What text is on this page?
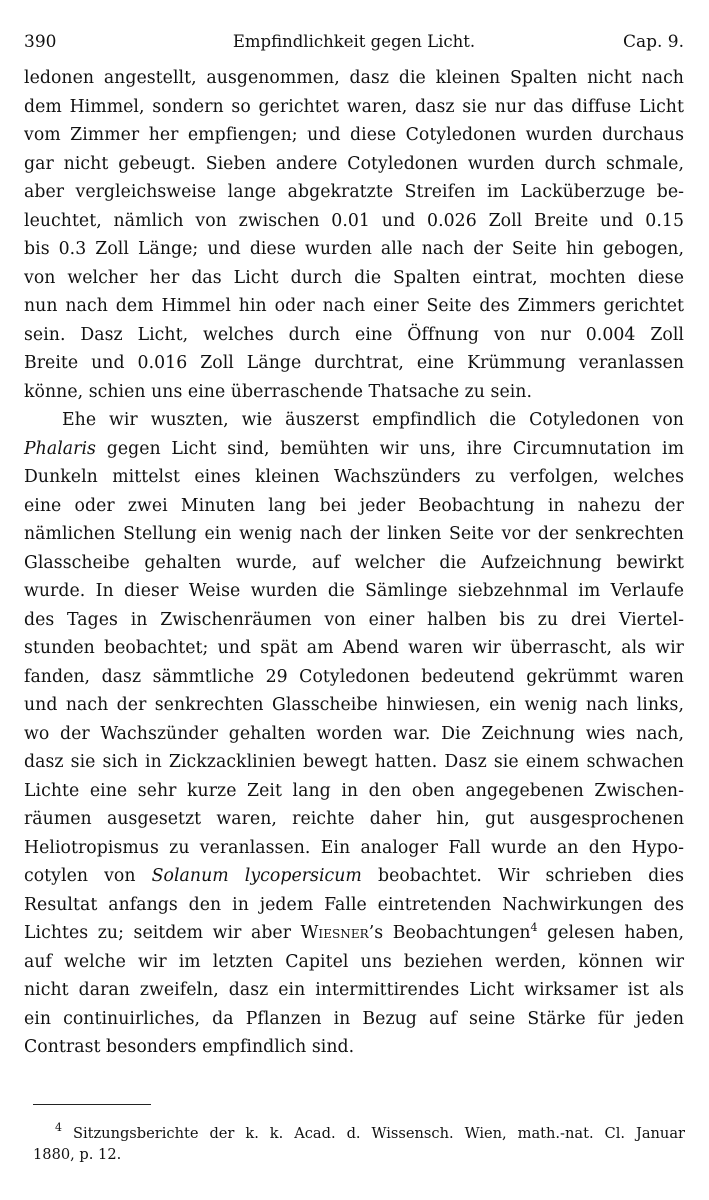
390	Empfindlichkeit gegen Licht.	Cap. 9.
ledonen angestellt, ausgenommen, dasz die kleinen Spalten nicht nach
dem Himmel, sondern so gerichtet waren, dasz sie nur das diffuse Licht
vom Zimmer her empfiengen; und diese Cotyledonen wurden durchaus
gar nicht gebeugt. Sieben andere Cotyledonen wurden durch schmale,
aber vergleichsweise lange abgekratzte Streifen im Lacküberzuge be-
leuchtet, nämlich von zwischen 0.01 und 0.026 Zoll Breite und 0.15
bis 0.3 Zoll Länge; und diese wurden alle nach der Seite hin gebogen,
von welcher her das Licht durch die Spalten eintrat, mochten diese
nun nach dem Himmel hin oder nach einer Seite des Zimmers gerichtet
sein. Dasz Licht, welches durch eine Öffnung von nur 0.004 Zoll
Breite und 0.016 Zoll Länge durchtrat, eine Krümmung veranlassen
könne, schien uns eine überraschende Thatsache zu sein.
Ehe wir wuszten, wie äuszerst empfindlich die Cotyledonen von
Phalaris gegen Licht sind, bemühten wir uns, ihre Circumnutation im
Dunkeln mittelst eines kleinen Wachszünders zu verfolgen, welches
eine oder zwei Minuten lang bei jeder Beobachtung in nahezu der
nämlichen Stellung ein wenig nach der linken Seite vor der senkrechten
Glasscheibe gehalten wurde, auf welcher die Aufzeichnung bewirkt
wurde. In dieser Weise wurden die Sämlinge siebzehnmal im Verlaufe
des Tages in Zwischenräumen von einer halben bis zu drei Viertel-
stunden beobachtet; und spät am Abend waren wir überrascht, als wir
fanden, dasz sämmtliche 29 Cotyledonen bedeutend gekrümmt waren
und nach der senkrechten Glasscheibe hinwiesen, ein wenig nach links,
wo der Wachszünder gehalten worden war. Die Zeichnung wies nach,
dasz sie sich in Zickzacklinien bewegt hatten. Dasz sie einem schwachen
Lichte eine sehr kurze Zeit lang in den oben angegebenen Zwischen-
räumen ausgesetzt waren, reichte daher hin, gut ausgesprochenen
Heliotropismus zu veranlassen. Ein analoger Fall wurde an den Hypo-
cotylen von Solanum lycopersicum beobachtet. Wir schrieben dies
Resultat anfangs den in jedem Falle eintretenden Nachwirkungen des
Lichtes zu; seitdem wir aber Wiesner’s Beobachtungen$^4$ gelesen haben,
auf welche wir im letzten Capitel uns beziehen werden, können wir
nicht daran zweifeln, dasz ein intermittirendes Licht wirksamer ist als
ein continuirliches, da Pflanzen in Bezug auf seine Stärke für jeden
Contrast besonders empfindlich sind.
$^4$ Sitzungsberichte der k. k. Acad. d. Wissensch. Wien, math.-nat. Cl. Januar
1880, p. 12.
